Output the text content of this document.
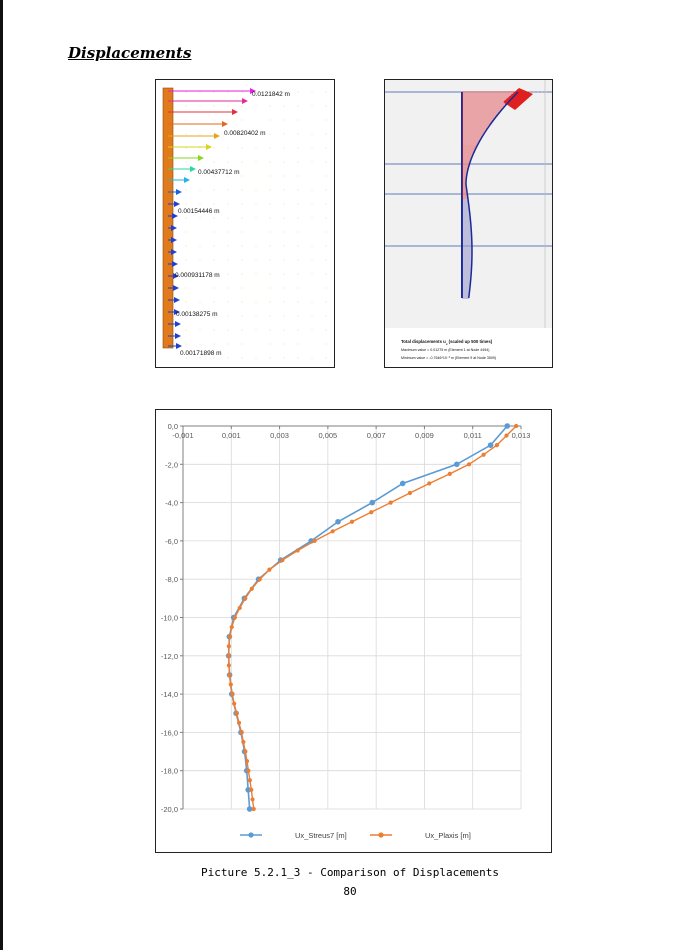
Displacements
0.0121842 m
0.00820402 m
0.00437712 m
0.00154446 m
0.000931178 m
0.00138275 m
0.00171898 m
Total displacements $u_x$ (scaled up 500 times)
Maximum value = 0.01275 m (Element 1 at Node 4494)
Minimum value = -0.7646*10⁻³ m (Element 9 at Node 3509)
-0,001	0,001	0,003	0,005	0,007	0,009	0,011	0,013
0,0
-2,0
-4,0
-6,0
-8,0
-10,0
-12,0
-14,0
-16,0
-18,0
-20,0
Ux_Streus7 [m]	Ux_Plaxis [m]
Picture 5.2.1_3 - Comparison of Displacements
80
